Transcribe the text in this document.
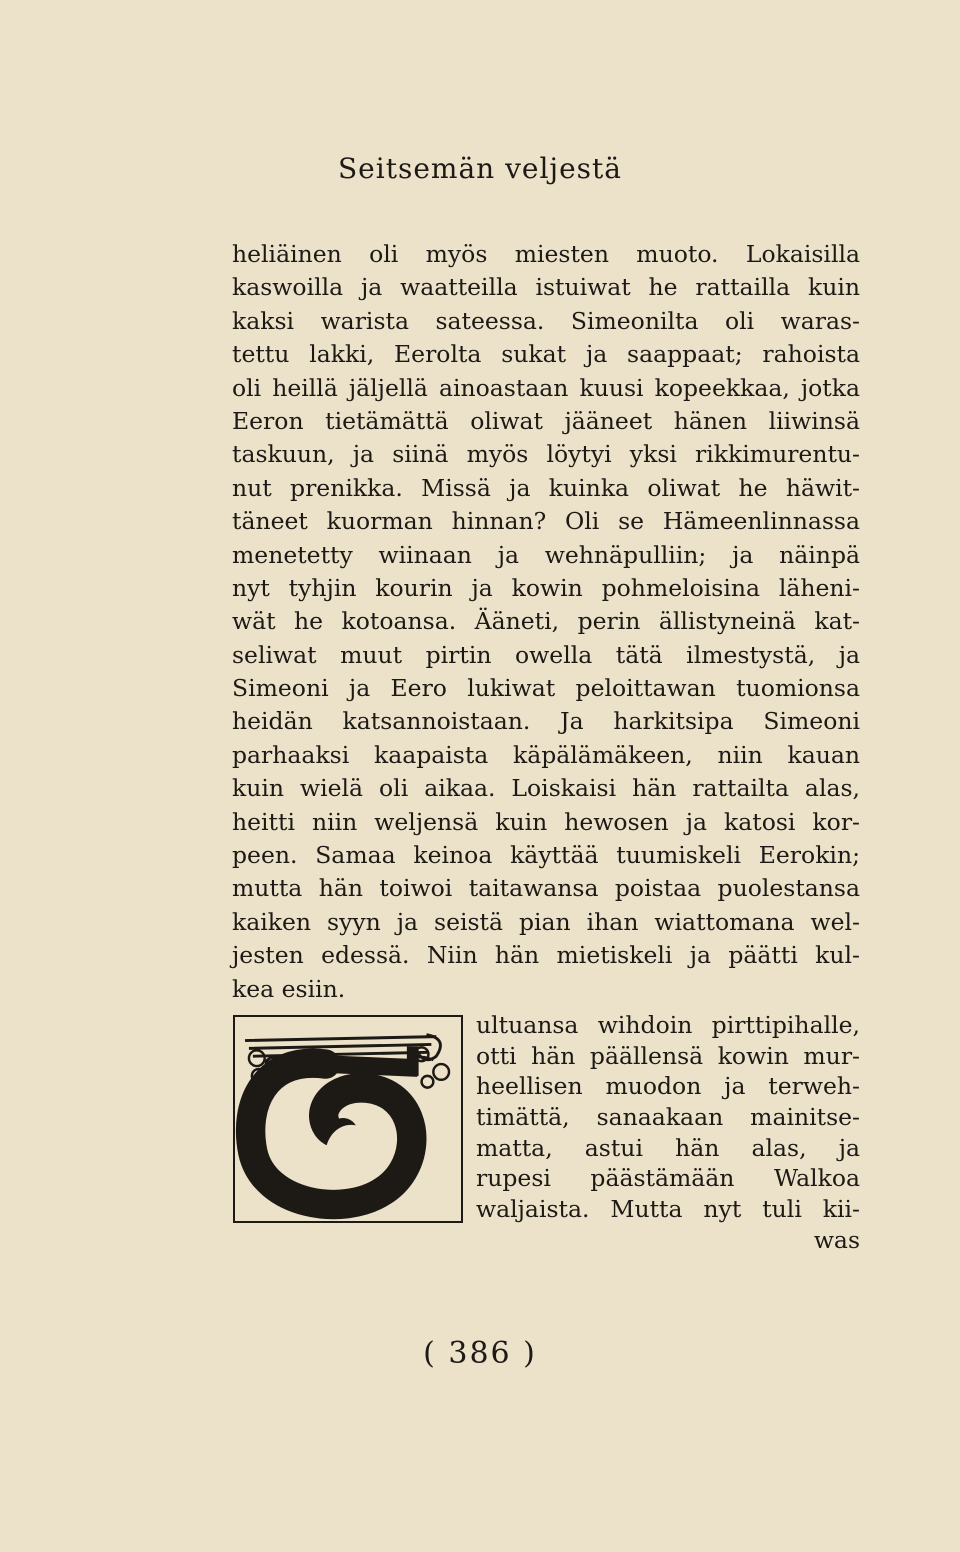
Seitsemän veljestä
heliäinen oli myös miesten muoto. Lokaisilla
kaswoilla ja waatteilla istuiwat he rattailla kuin
kaksi warista sateessa. Simeonilta oli waras-
tettu lakki, Eerolta sukat ja saappaat; rahoista
oli heillä jäljellä ainoastaan kuusi kopeekkaa, jotka
Eeron tietämättä oliwat jääneet hänen liiwinsä
taskuun, ja siinä myös löytyi yksi rikkimurentu-
nut prenikka. Missä ja kuinka oliwat he häwit-
täneet kuorman hinnan? Oli se Hämeenlinnassa
menetetty wiinaan ja wehnäpulliin; ja näinpä
nyt tyhjin kourin ja kowin pohmeloisina läheni-
wät he kotoansa. Ääneti, perin ällistyneinä kat-
seliwat muut pirtin owella tätä ilmestystä, ja
Simeoni ja Eero lukiwat peloittawan tuomionsa
heidän katsannoistaan. Ja harkitsipa Simeoni
parhaaksi kaapaista käpälämäkeen, niin kauan
kuin wielä oli aikaa. Loiskaisi hän rattailta alas,
heitti niin weljensä kuin hewosen ja katosi kor-
peen. Samaa keinoa käyttää tuumiskeli Eerokin;
mutta hän toiwoi taitawansa poistaa puolestansa
kaiken syyn ja seistä pian ihan wiattomana wel-
jesten edessä. Niin hän mietiskeli ja päätti kul-
kea esiin.
ultuansa wihdoin pirttipihalle,
otti hän päällensä kowin mur-
heellisen muodon ja terweh-
timättä, sanaakaan mainitse-
matta, astui hän alas, ja
rupesi päästämään Walkoa
waljaista. Mutta nyt tuli kii-
was
( 386 )
